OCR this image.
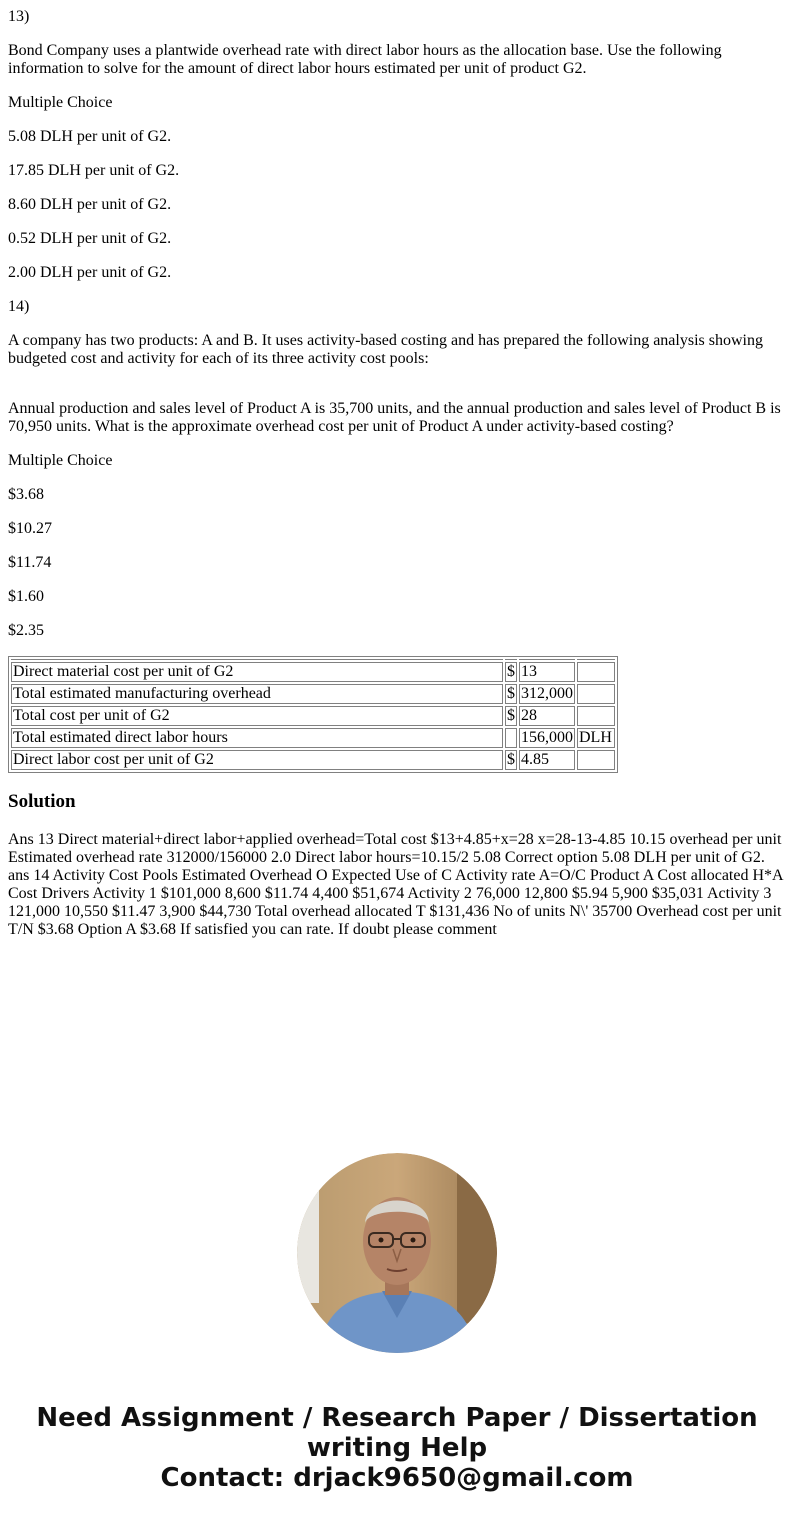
13)

Bond Company uses a plantwide overhead rate with direct labor hours as the allocation base. Use the following information to solve for the amount of direct labor hours estimated per unit of product G2.

Multiple Choice

5.08 DLH per unit of G2.

17.85 DLH per unit of G2.

8.60 DLH per unit of G2.

0.52 DLH per unit of G2.

2.00 DLH per unit of G2.

14)

A company has two products: A and B. It uses activity-based costing and has prepared the following analysis showing budgeted cost and activity for each of its three activity cost pools:

Annual production and sales level of Product A is 35,700 units, and the annual production and sales level of Product B is 70,950 units. What is the approximate overhead cost per unit of Product A under activity-based costing?

Multiple Choice

$3.68

$10.27

$11.74

$1.60

$2.35

Direct material cost per unit of G2	$	13	
Total estimated manufacturing overhead	$	312,000	
Total cost per unit of G2	$	28	
Total estimated direct labor hours		156,000	DLH
Direct labor cost per unit of G2	$	4.85	
Solution

Ans 13 Direct material+direct labor+applied overhead=Total cost $13+4.85+x=28 x=28-13-4.85 10.15 overhead per unit Estimated overhead rate 312000/156000 2.0 Direct labor hours=10.15/2 5.08 Correct option 5.08 DLH per unit of G2. ans 14 Activity Cost Pools Estimated Overhead O Expected Use of C Activity rate A=O/C Product A Cost allocated H*A Cost Drivers Activity 1 $101,000 8,600 $11.74 4,400 $51,674 Activity 2 76,000 12,800 $5.94 5,900 $35,031 Activity 3 121,000 10,550 $11.47 3,900 $44,730 Total overhead allocated T $131,436 No of units N\' 35700 Overhead cost per unit T/N $3.68 Option A $3.68 If satisfied you can rate. If doubt please comment

Need Assignment / Research Paper / Dissertation
writing Help
Contact: drjack9650@gmail.com
